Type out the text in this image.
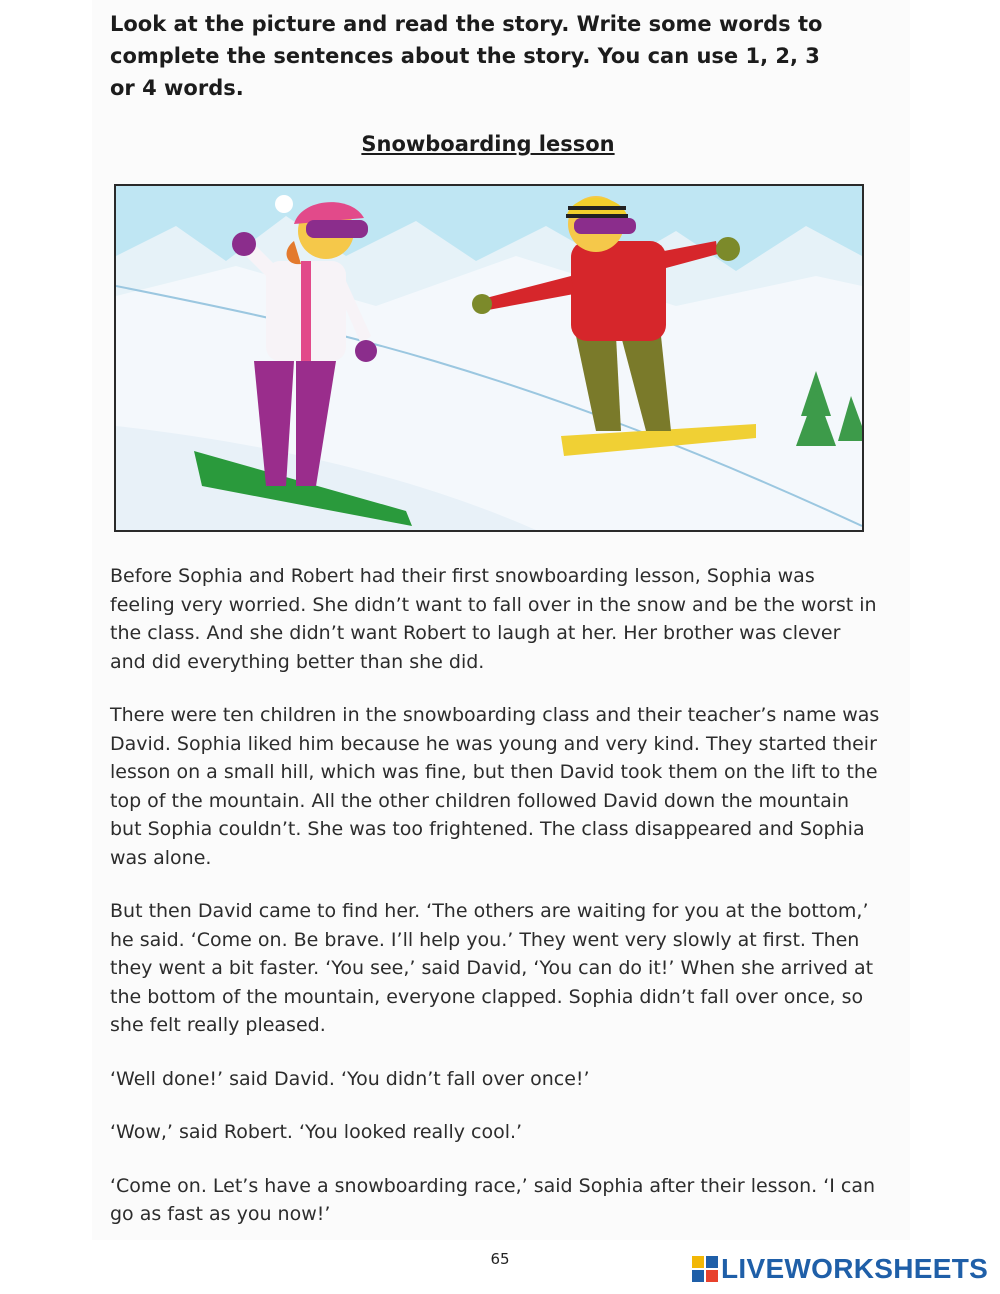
Look at the picture and read the story. Write some words to complete the sentences about the story. You can use 1, 2, 3 or 4 words.

Snowboarding lesson

Before Sophia and Robert had their first snowboarding lesson, Sophia was feeling very worried. She didn’t want to fall over in the snow and be the worst in the class. And she didn’t want Robert to laugh at her. Her brother was clever and did everything better than she did.

There were ten children in the snowboarding class and their teacher’s name was David. Sophia liked him because he was young and very kind. They started their lesson on a small hill, which was fine, but then David took them on the lift to the top of the mountain. All the other children followed David down the mountain but Sophia couldn’t. She was too frightened. The class disappeared and Sophia was alone.

But then David came to find her. ‘The others are waiting for you at the bottom,’ he said. ‘Come on. Be brave. I’ll help you.’ They went very slowly at first. Then they went a bit faster. ‘You see,’ said David, ‘You can do it!’ When she arrived at the bottom of the mountain, everyone clapped. Sophia didn’t fall over once, so she felt really pleased.

‘Well done!’ said David. ‘You didn’t fall over once!’

‘Wow,’ said Robert. ‘You looked really cool.’

‘Come on. Let’s have a snowboarding race,’ said Sophia after their lesson. ‘I can go as fast as you now!’

65	LIVEWORKSHEETS
